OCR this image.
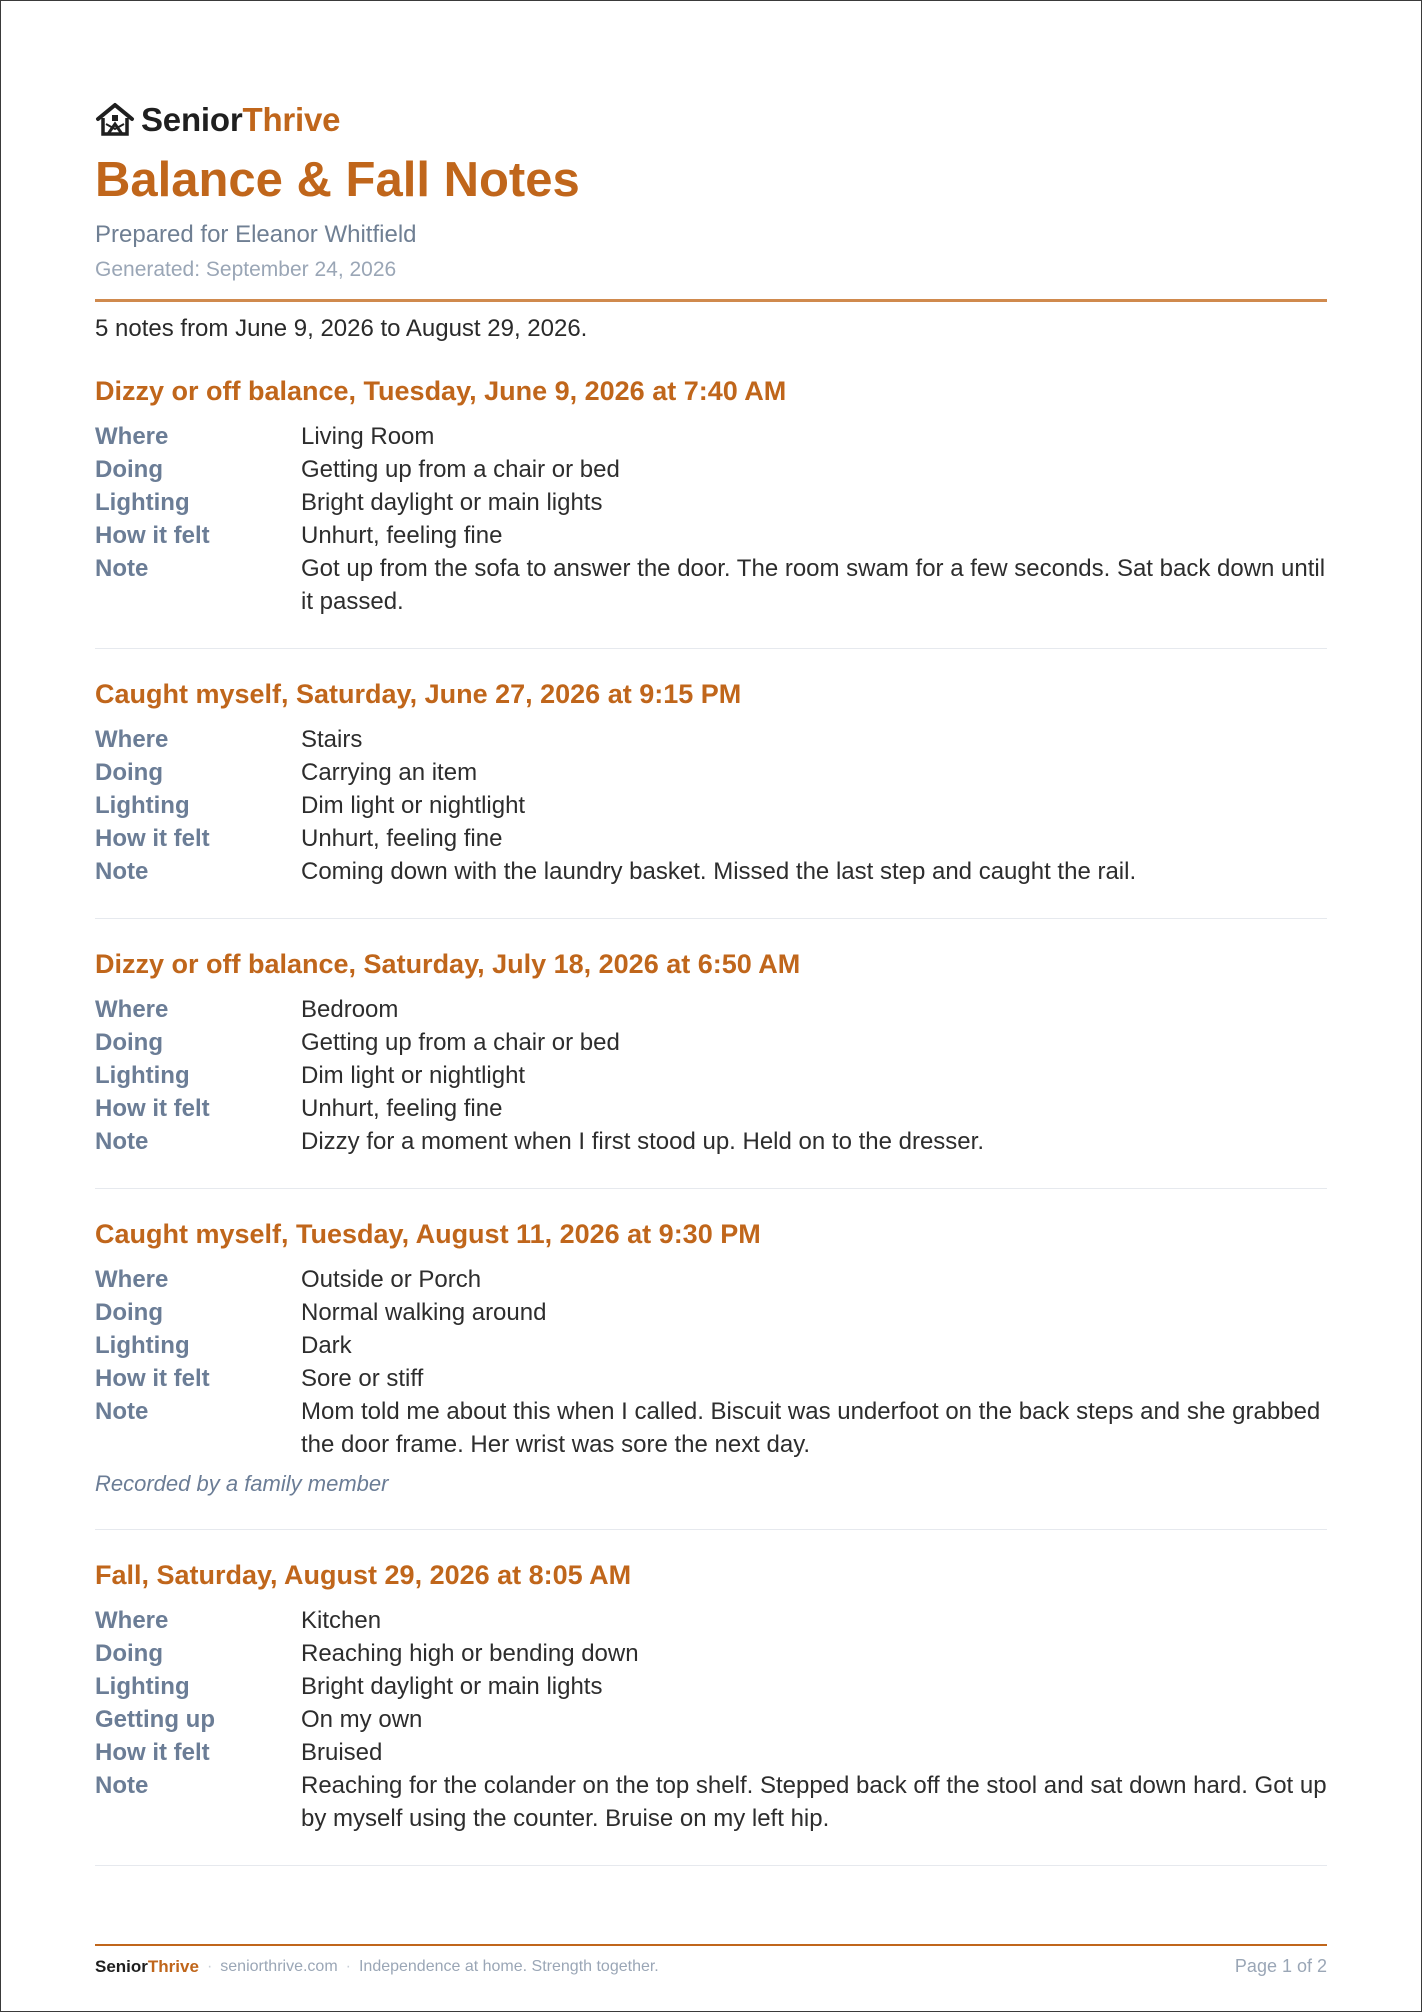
SeniorThrive
Balance & Fall Notes
Prepared for Eleanor Whitfield
Generated: September 24, 2026
5 notes from June 9, 2026 to August 29, 2026.
Dizzy or off balance, Tuesday, June 9, 2026 at 7:40 AM
Where	Living Room
Doing	Getting up from a chair or bed
Lighting	Bright daylight or main lights
How it felt	Unhurt, feeling fine
Note	Got up from the sofa to answer the door. The room swam for a few seconds. Sat back down until it passed.
Caught myself, Saturday, June 27, 2026 at 9:15 PM
Where	Stairs
Doing	Carrying an item
Lighting	Dim light or nightlight
How it felt	Unhurt, feeling fine
Note	Coming down with the laundry basket. Missed the last step and caught the rail.
Dizzy or off balance, Saturday, July 18, 2026 at 6:50 AM
Where	Bedroom
Doing	Getting up from a chair or bed
Lighting	Dim light or nightlight
How it felt	Unhurt, feeling fine
Note	Dizzy for a moment when I first stood up. Held on to the dresser.
Caught myself, Tuesday, August 11, 2026 at 9:30 PM
Where	Outside or Porch
Doing	Normal walking around
Lighting	Dark
How it felt	Sore or stiff
Note	Mom told me about this when I called. Biscuit was underfoot on the back steps and she grabbed the door frame. Her wrist was sore the next day.
Recorded by a family member
Fall, Saturday, August 29, 2026 at 8:05 AM
Where	Kitchen
Doing	Reaching high or bending down
Lighting	Bright daylight or main lights
Getting up	On my own
How it felt	Bruised
Note	Reaching for the colander on the top shelf. Stepped back off the stool and sat down hard. Got up by myself using the counter. Bruise on my left hip.
SeniorThrive · seniorthrive.com · Independence at home. Strength together.	Page 1 of 2
